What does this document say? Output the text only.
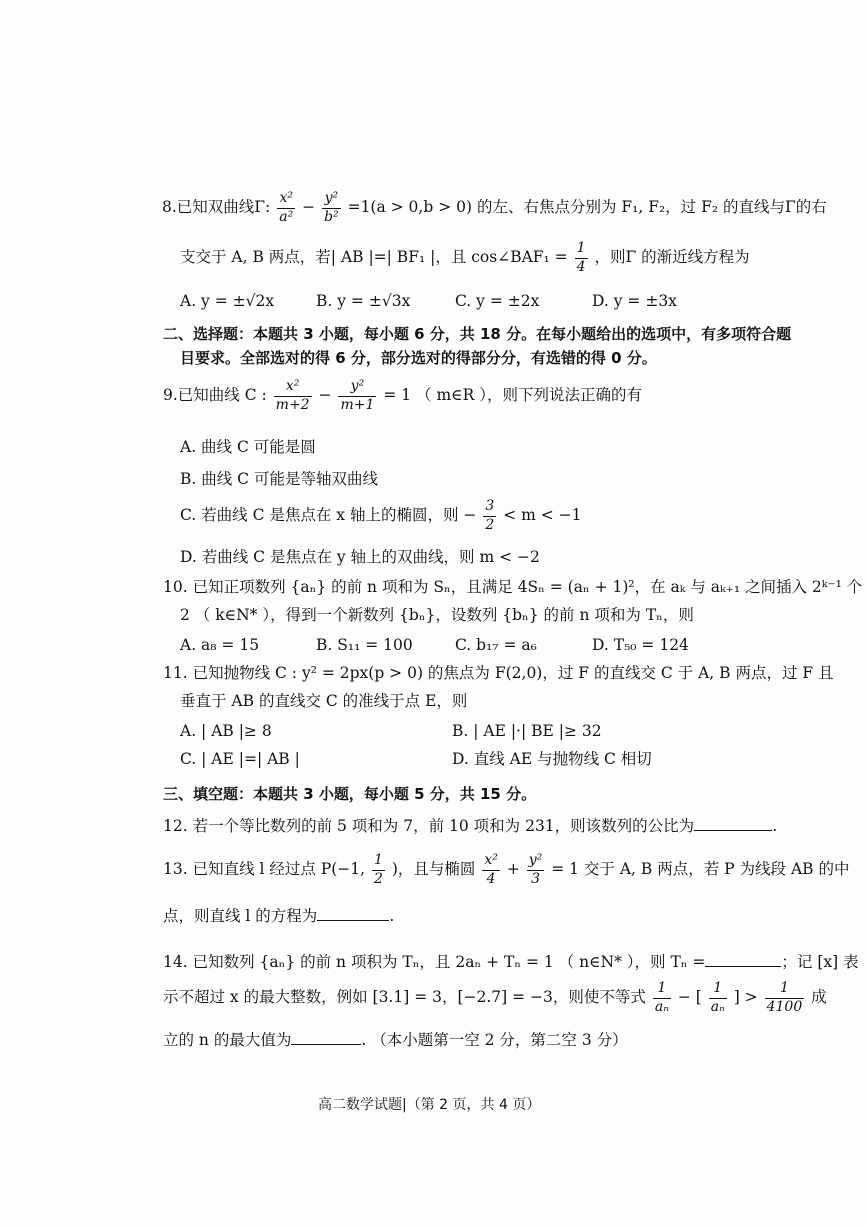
8.已知双曲线Γ: $\frac{\text{x²}}{\text{a²}} - \frac{\text{y²}}{\text{b²}} =1(a > 0,b > 0)$ 的左、右焦点分别为 F₁, F₂，过 F₂ 的直线与Γ的右
支交于 A, B 两点，若| AB |=| BF₁ |，且 cos∠BAF₁ = $\frac{1}{4}$ ，则Γ 的渐近线方程为
A. y = ±√2x	B. y = ±√3x	C. y = ±2x	D. y = ±3x
二、选择题：本题共 3 小题，每小题 6 分，共 18 分。在每小题给出的选项中，有多项符合题
目要求。全部选对的得 6 分，部分选对的得部分分，有选错的得 0 分。
9.已知曲线 C : $\frac{\text{x²}}{m+2} - \frac{\text{y²}}{m+1} = 1$ （ m∈R ），则下列说法正确的有
A. 曲线 C 可能是圆
B. 曲线 C 可能是等轴双曲线
C. 若曲线 C 是焦点在 x 轴上的椭圆，则 − $\frac{3}{2} < m < -1$
D. 若曲线 C 是焦点在 y 轴上的双曲线，则 m < −2
10. 已知正项数列 {aₙ} 的前 n 项和为 Sₙ，且满足 4Sₙ = (aₙ + 1)²，在 aₖ 与 aₖ₊₁ 之间插入 2ᵏ⁻¹ 个
2 （ k∈N* ），得到一个新数列 {bₙ}，设数列 {bₙ} 的前 n 项和为 Tₙ，则
A. a₈ = 15	B. S₁₁ = 100	C. b₁₇ = a₆	D. T₅₀ = 124
11. 已知抛物线 C : y² = 2px(p > 0) 的焦点为 F(2,0)，过 F 的直线交 C 于 A, B 两点，过 F 且
垂直于 AB 的直线交 C 的准线于点 E，则
A. | AB |≥ 8	B. | AE |·| BE |≥ 32
C. | AE |=| AB |	D. 直线 AE 与抛物线 C 相切
三、填空题：本题共 3 小题，每小题 5 分，共 15 分。
12. 若一个等比数列的前 5 项和为 7，前 10 项和为 231，则该数列的公比为	.
13. 已知直线 l 经过点 P(−1, $\frac{1}{2}$ )，且与椭圆 $\frac{\text{x²}}{4} + \frac{\text{y²}}{3} = 1$ 交于 A, B 两点，若 P 为线段 AB 的中
点，则直线 l 的方程为	.
14. 已知数列 {aₙ} 的前 n 项积为 Tₙ，且 2aₙ + Tₙ = 1 （ n∈N* ），则 Tₙ =	；记 [x] 表
示不超过 x 的最大整数，例如 [3.1] = 3，[−2.7] = −3，则使不等式 $\frac{1}{\text{aₙ}}$ − [ $\frac{1}{\text{aₙ}}$ ] > $\frac{1}{4100}$ 成
立的 n 的最大值为	. （本小题第一空 2 分，第二空 3 分）
高二数学试题|（第 2 页，共 4 页）
